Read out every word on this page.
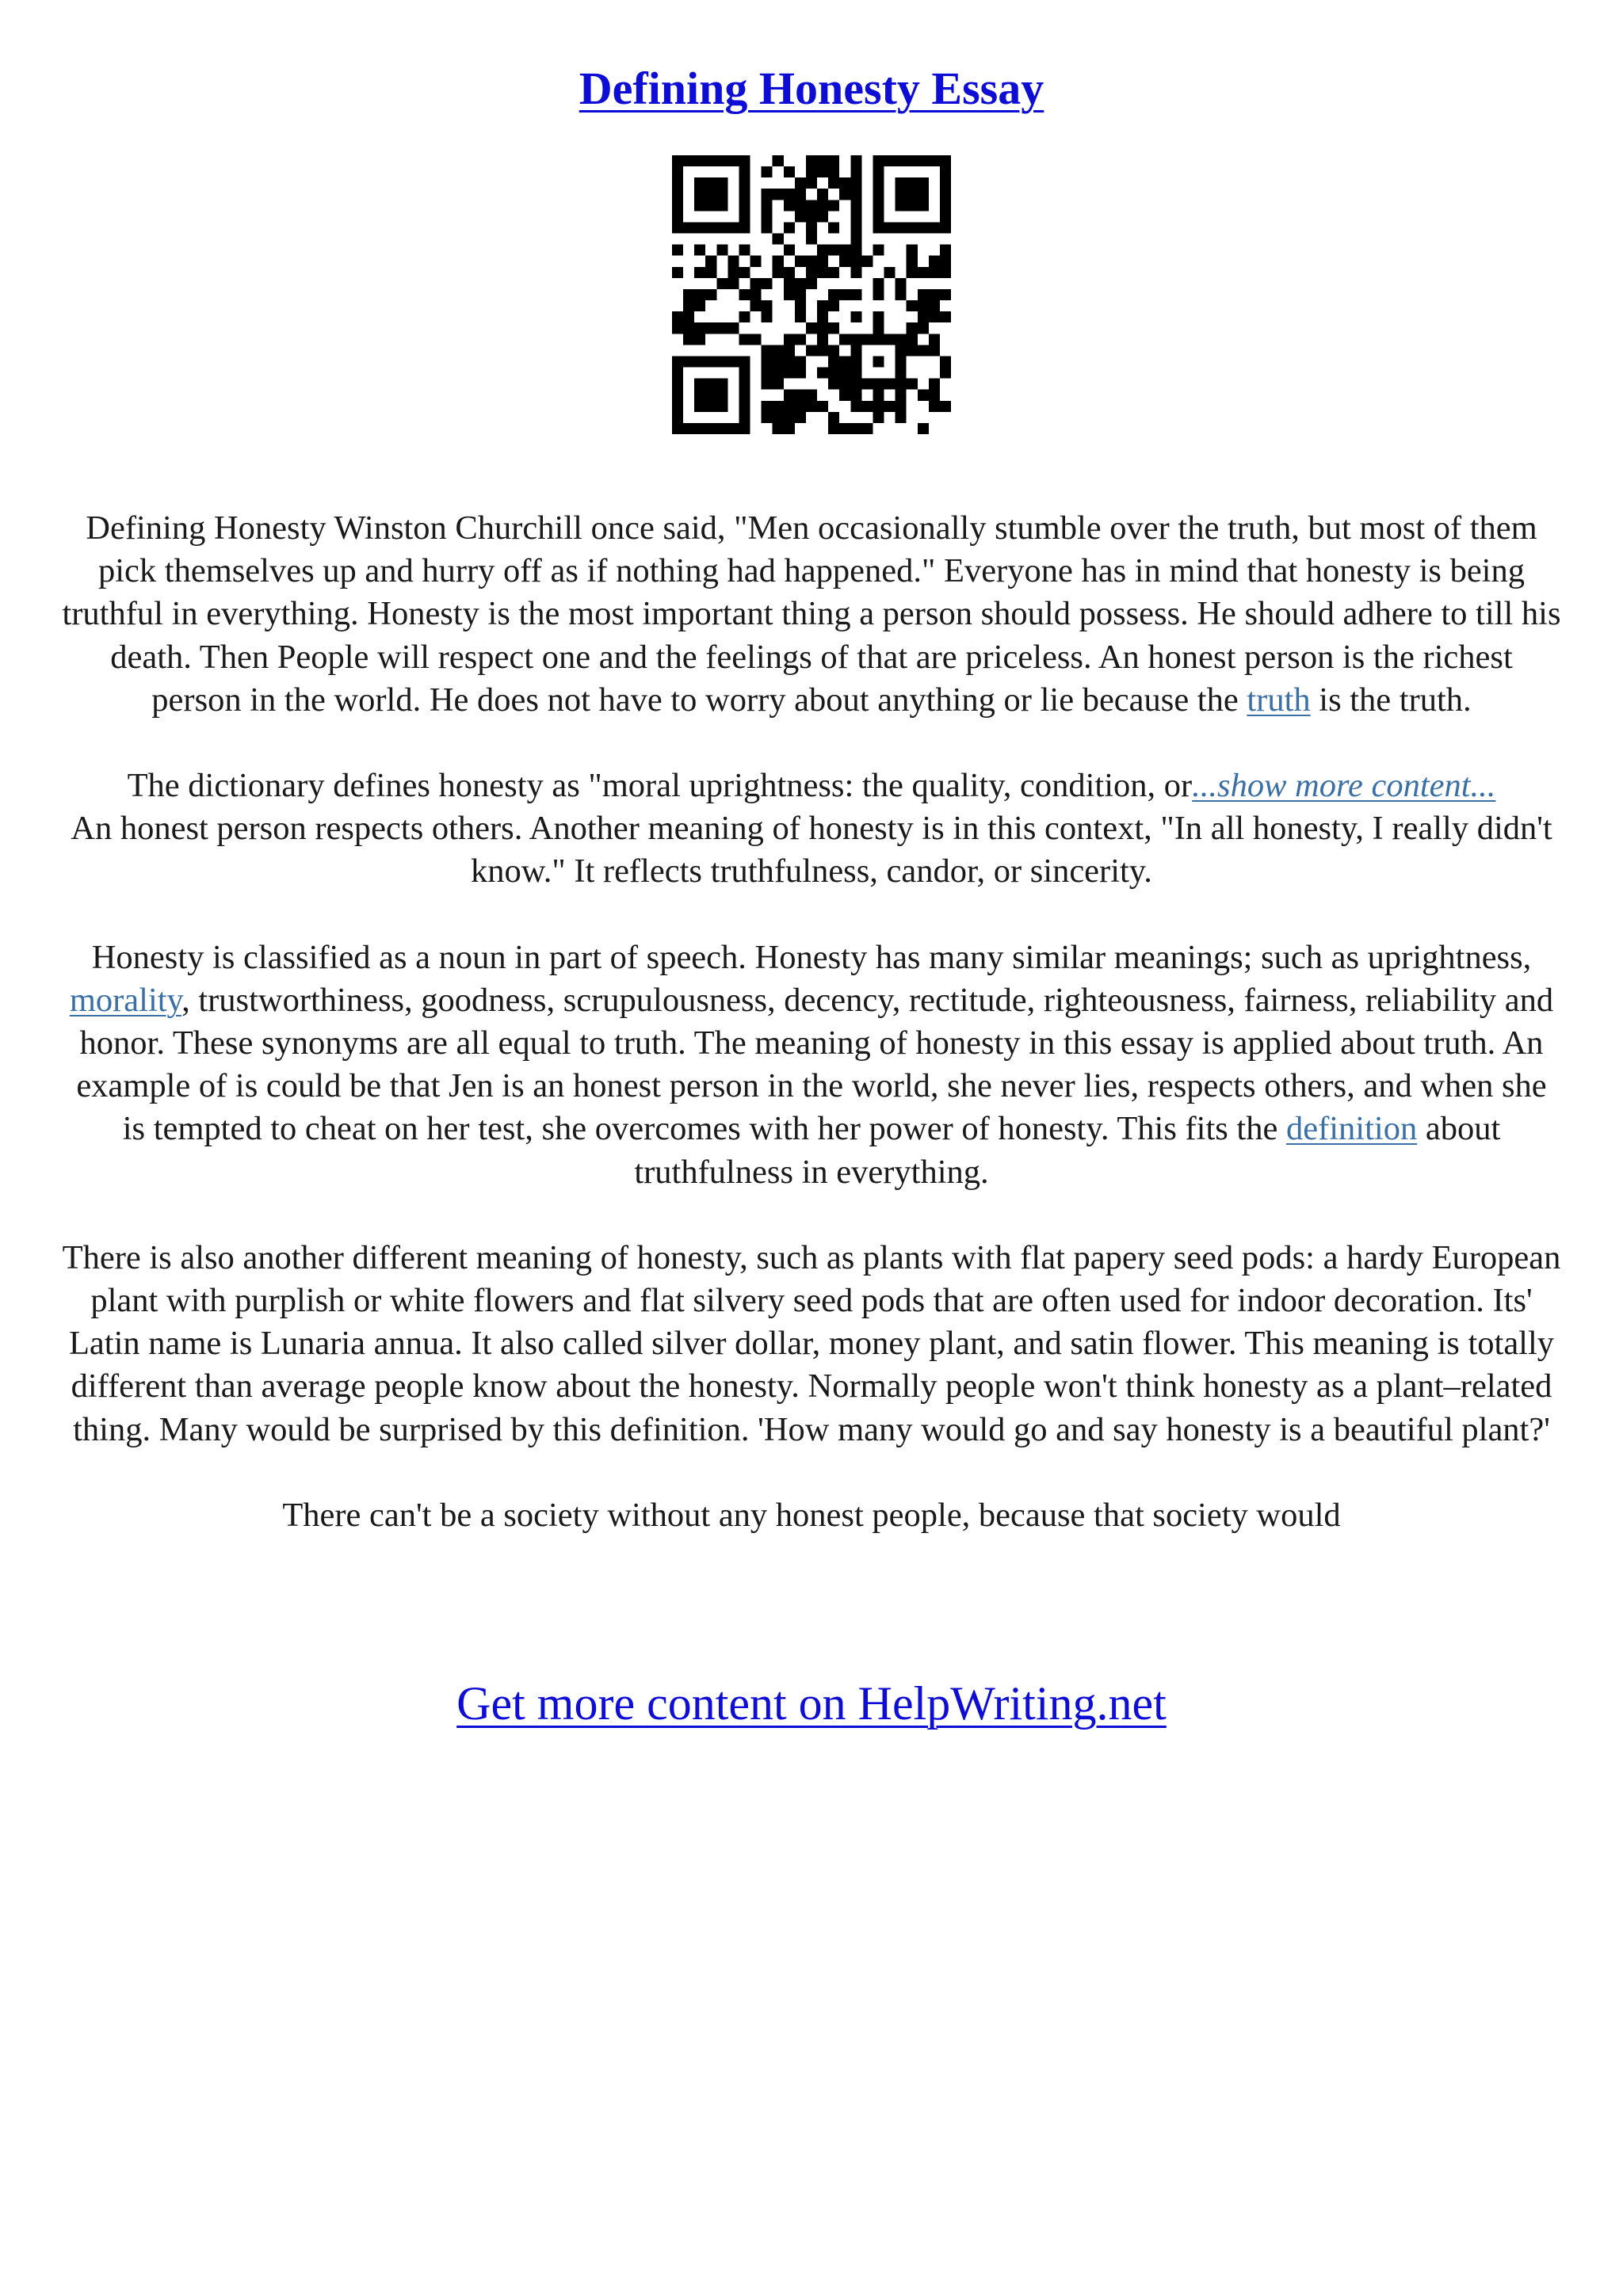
Defining Honesty Essay

Defining Honesty Winston Churchill once said, "Men occasionally stumble over the truth, but most of them pick themselves up and hurry off as if nothing had happened." Everyone has in mind that honesty is being truthful in everything. Honesty is the most important thing a person should possess. He should adhere to till his death. Then People will respect one and the feelings of that are priceless. An honest person is the richest person in the world. He does not have to worry about anything or lie because the truth is the truth.

The dictionary defines honesty as "moral uprightness: the quality, condition, or...show more content...
An honest person respects others. Another meaning of honesty is in this context, "In all honesty, I really didn't know." It reflects truthfulness, candor, or sincerity.

Honesty is classified as a noun in part of speech. Honesty has many similar meanings; such as uprightness, morality, trustworthiness, goodness, scrupulousness, decency, rectitude, righteousness, fairness, reliability and honor. These synonyms are all equal to truth. The meaning of honesty in this essay is applied about truth. An example of is could be that Jen is an honest person in the world, she never lies, respects others, and when she is tempted to cheat on her test, she overcomes with her power of honesty. This fits the definition about truthfulness in everything.

There is also another different meaning of honesty, such as plants with flat papery seed pods: a hardy European plant with purplish or white flowers and flat silvery seed pods that are often used for indoor decoration. Its' Latin name is Lunaria annua. It also called silver dollar, money plant, and satin flower. This meaning is totally different than average people know about the honesty. Normally people won't think honesty as a plant–related thing. Many would be surprised by this definition. 'How many would go and say honesty is a beautiful plant?'

There can't be a society without any honest people, because that society would

Get more content on HelpWriting.net
